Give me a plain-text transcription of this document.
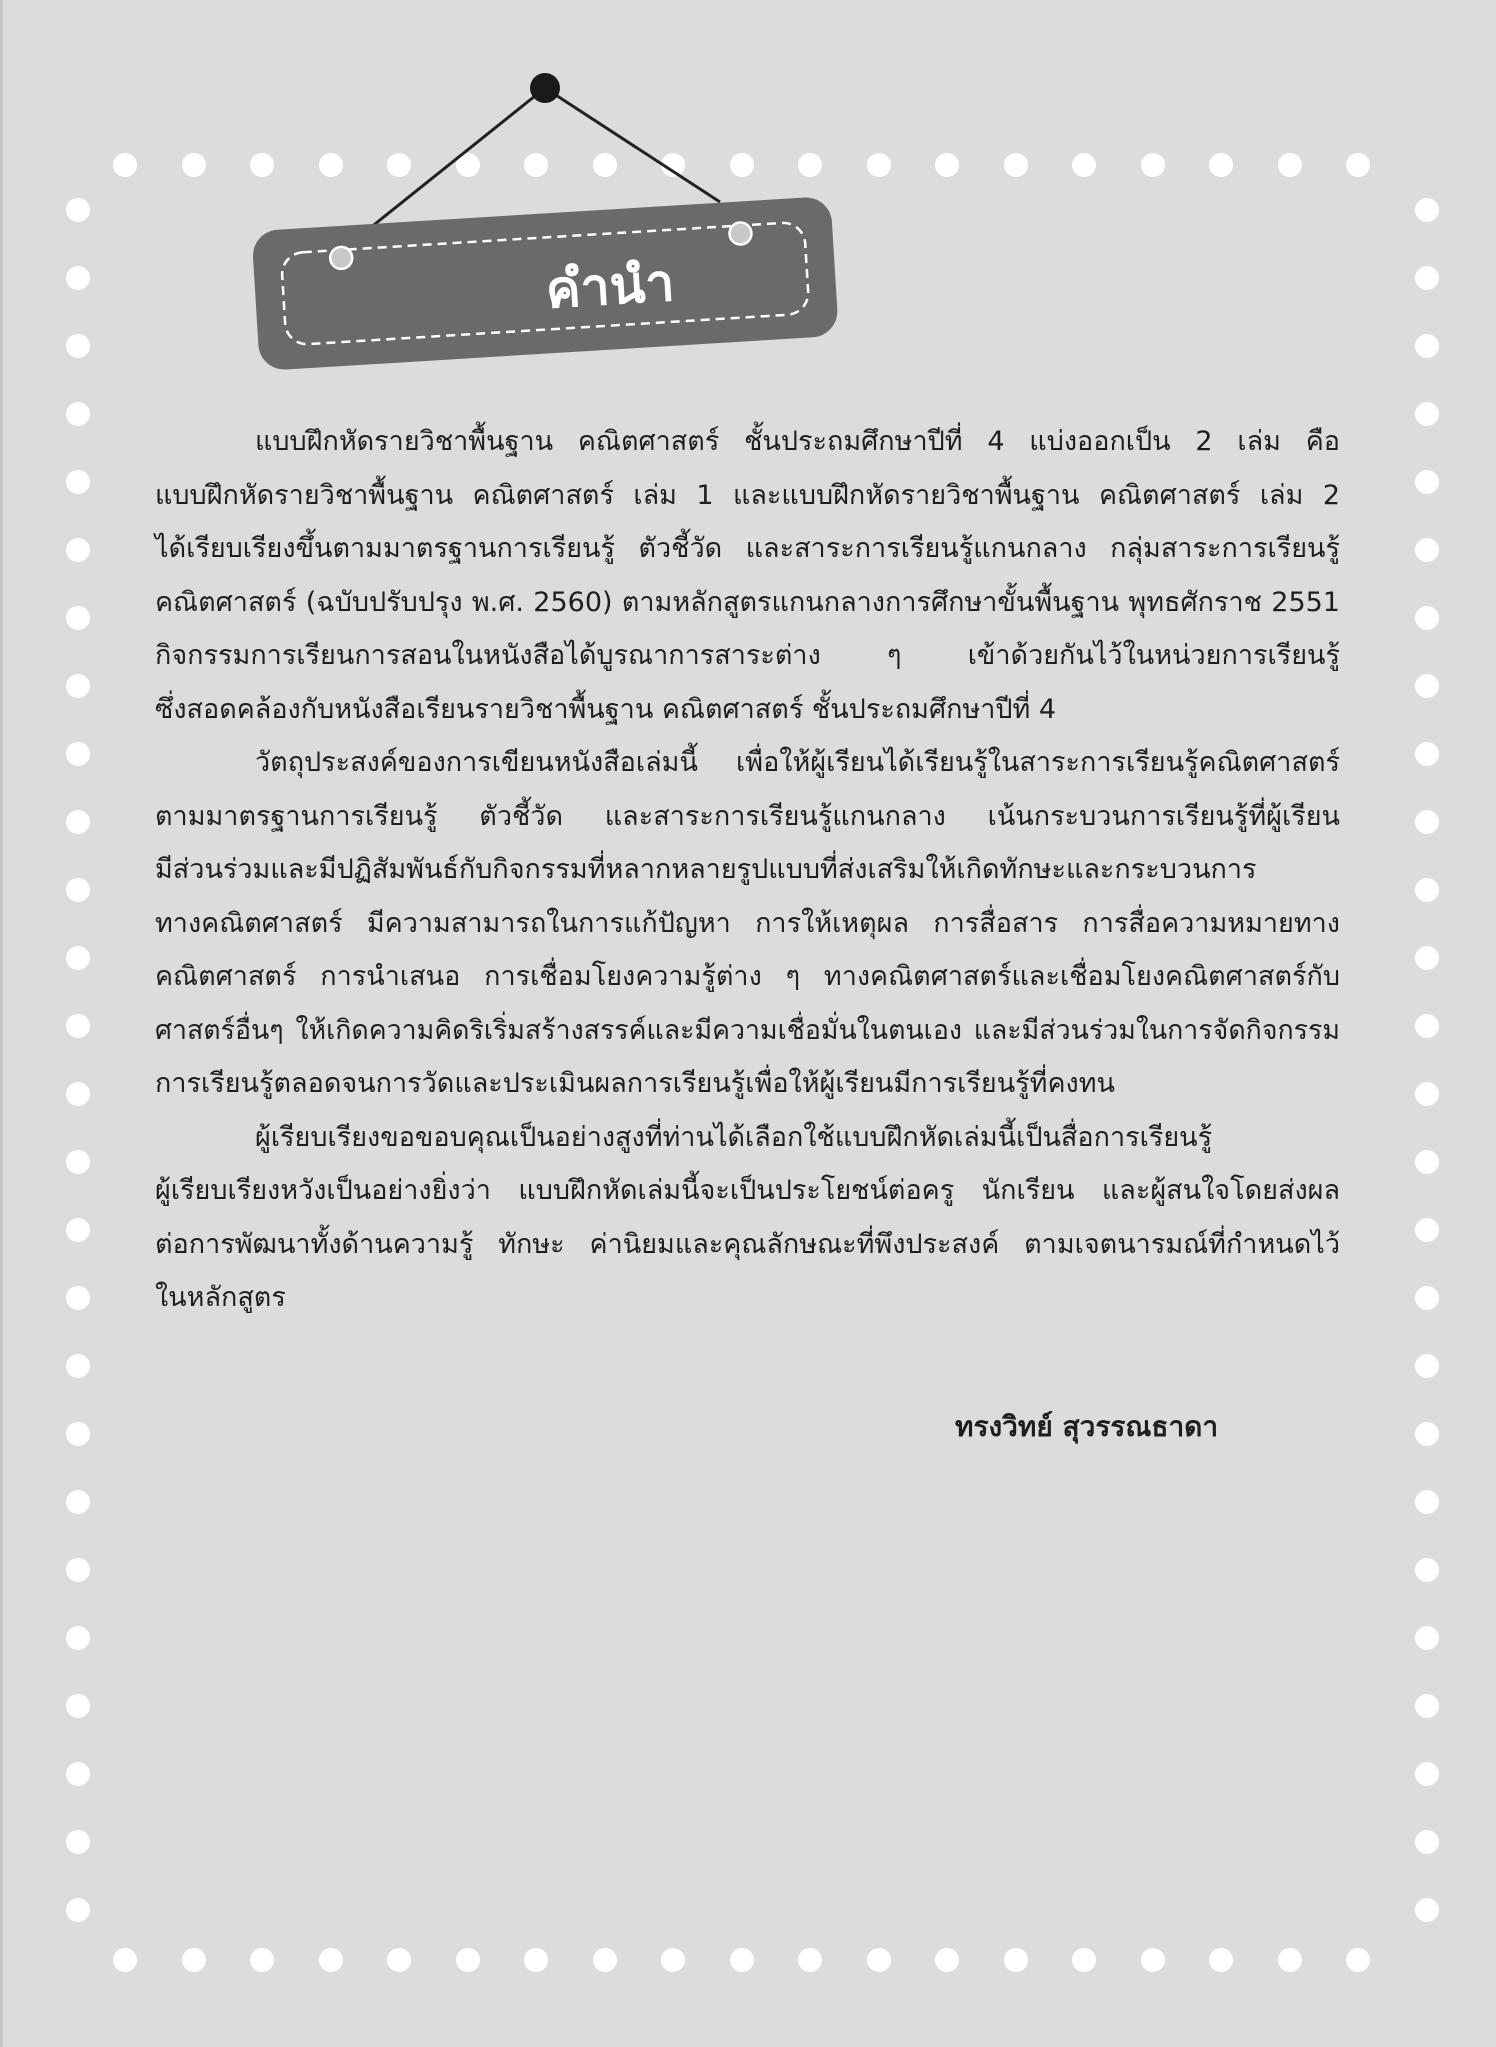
คำนำ
แบบฝึกหัดรายวิชาพื้นฐาน คณิตศาสตร์ ชั้นประถมศึกษาปีที่ 4 แบ่งออกเป็น 2 เล่ม คือ
แบบฝึกหัดรายวิชาพื้นฐาน คณิตศาสตร์ เล่ม 1 และแบบฝึกหัดรายวิชาพื้นฐาน คณิตศาสตร์ เล่ม 2
ได้เรียบเรียงขึ้นตามมาตรฐานการเรียนรู้ ตัวชี้วัด และสาระการเรียนรู้แกนกลาง กลุ่มสาระการเรียนรู้
คณิตศาสตร์ (ฉบับปรับปรุง พ.ศ. 2560) ตามหลักสูตรแกนกลางการศึกษาขั้นพื้นฐาน พุทธศักราช 2551
กิจกรรมการเรียนการสอนในหนังสือได้บูรณาการสาระต่าง ๆ เข้าด้วยกันไว้ในหน่วยการเรียนรู้
ซึ่งสอดคล้องกับหนังสือเรียนรายวิชาพื้นฐาน คณิตศาสตร์ ชั้นประถมศึกษาปีที่ 4
วัตถุประสงค์ของการเขียนหนังสือเล่มนี้ เพื่อให้ผู้เรียนได้เรียนรู้ในสาระการเรียนรู้คณิตศาสตร์
ตามมาตรฐานการเรียนรู้ ตัวชี้วัด และสาระการเรียนรู้แกนกลาง เน้นกระบวนการเรียนรู้ที่ผู้เรียน
มีส่วนร่วมและมีปฏิสัมพันธ์กับกิจกรรมที่หลากหลายรูปแบบที่ส่งเสริมให้เกิดทักษะและกระบวนการ
ทางคณิตศาสตร์ มีความสามารถในการแก้ปัญหา การให้เหตุผล การสื่อสาร การสื่อความหมายทาง
คณิตศาสตร์ การนำเสนอ การเชื่อมโยงความรู้ต่าง ๆ ทางคณิตศาสตร์และเชื่อมโยงคณิตศาสตร์กับ
ศาสตร์อื่นๆ ให้เกิดความคิดริเริ่มสร้างสรรค์และมีความเชื่อมั่นในตนเอง และมีส่วนร่วมในการจัดกิจกรรม
การเรียนรู้ตลอดจนการวัดและประเมินผลการเรียนรู้เพื่อให้ผู้เรียนมีการเรียนรู้ที่คงทน
ผู้เรียบเรียงขอขอบคุณเป็นอย่างสูงที่ท่านได้เลือกใช้แบบฝึกหัดเล่มนี้เป็นสื่อการเรียนรู้
ผู้เรียบเรียงหวังเป็นอย่างยิ่งว่า แบบฝึกหัดเล่มนี้จะเป็นประโยชน์ต่อครู นักเรียน และผู้สนใจโดยส่งผล
ต่อการพัฒนาทั้งด้านความรู้ ทักษะ ค่านิยมและคุณลักษณะที่พึงประสงค์ ตามเจตนารมณ์ที่กำหนดไว้
ในหลักสูตร
ทรงวิทย์ สุวรรณธาดา
